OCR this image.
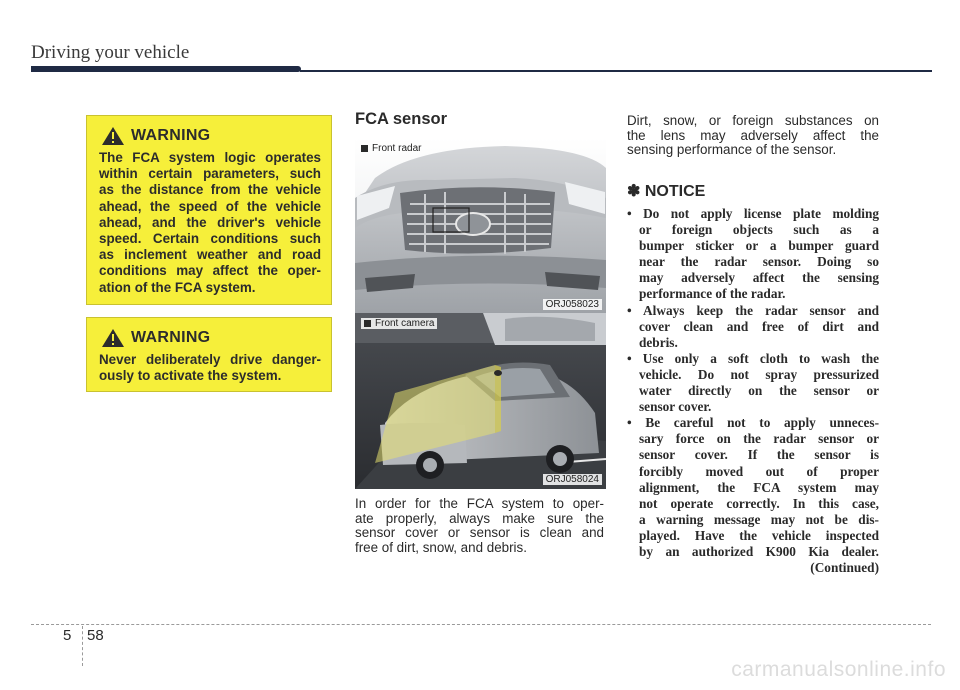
Driving your vehicle
WARNING
The FCA system logic operates
within certain parameters, such
as the distance from the vehicle
ahead, the speed of the vehicle
ahead, and the driver's vehicle
speed. Certain conditions such
as inclement weather and road
conditions may affect the oper-
ation of the FCA system.
WARNING
Never deliberately drive danger-
ously to activate the system.
FCA sensor
Front radar
ORJ058023
Front camera
ORJ058024
In order for the FCA system to oper-
ate properly, always make sure the
sensor cover or sensor is clean and
free of dirt, snow, and debris.
Dirt, snow, or foreign substances on
the lens may adversely affect the
sensing performance of the sensor.
✽ NOTICE
• Do not apply license plate molding
or foreign objects such as a
bumper sticker or a bumper guard
near the radar sensor. Doing so
may adversely affect the sensing
performance of the radar.
• Always keep the radar sensor and
cover clean and free of dirt and
debris.
• Use only a soft cloth to wash the
vehicle. Do not spray pressurized
water directly on the sensor or
sensor cover.
• Be careful not to apply unneces-
sary force on the radar sensor or
sensor cover. If the sensor is
forcibly moved out of proper
alignment, the FCA system may
not operate correctly. In this case,
a warning message may not be dis-
played. Have the vehicle inspected
by an authorized K900 Kia dealer.
(Continued)
5 58
carmanualsonline.info
